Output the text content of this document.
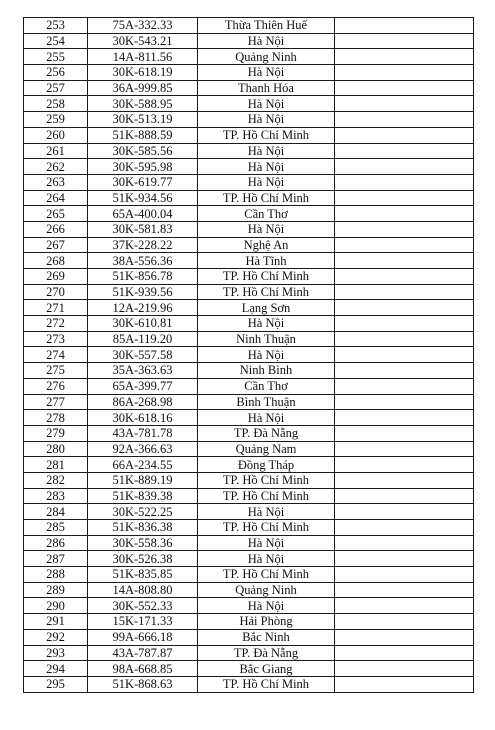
253	75A-332.33	Thừa Thiên Huế	
254	30K-543.21	Hà Nội	
255	14A-811.56	Quảng Ninh	
256	30K-618.19	Hà Nội	
257	36A-999.85	Thanh Hóa	
258	30K-588.95	Hà Nội	
259	30K-513.19	Hà Nội	
260	51K-888.59	TP. Hồ Chí Minh	
261	30K-585.56	Hà Nội	
262	30K-595.98	Hà Nội	
263	30K-619.77	Hà Nội	
264	51K-934.56	TP. Hồ Chí Minh	
265	65A-400.04	Cần Thơ	
266	30K-581.83	Hà Nội	
267	37K-228.22	Nghệ An	
268	38A-556.36	Hà Tĩnh	
269	51K-856.78	TP. Hồ Chí Minh	
270	51K-939.56	TP. Hồ Chí Minh	
271	12A-219.96	Lạng Sơn	
272	30K-610.81	Hà Nội	
273	85A-119.20	Ninh Thuận	
274	30K-557.58	Hà Nội	
275	35A-363.63	Ninh Bình	
276	65A-399.77	Cần Thơ	
277	86A-268.98	Bình Thuận	
278	30K-618.16	Hà Nội	
279	43A-781.78	TP. Đà Nẵng	
280	92A-366.63	Quảng Nam	
281	66A-234.55	Đồng Tháp	
282	51K-889.19	TP. Hồ Chí Minh	
283	51K-839.38	TP. Hồ Chí Minh	
284	30K-522.25	Hà Nội	
285	51K-836.38	TP. Hồ Chí Minh	
286	30K-558.36	Hà Nội	
287	30K-526.38	Hà Nội	
288	51K-835.85	TP. Hồ Chí Minh	
289	14A-808.80	Quảng Ninh	
290	30K-552.33	Hà Nội	
291	15K-171.33	Hải Phòng	
292	99A-666.18	Bắc Ninh	
293	43A-787.87	TP. Đà Nẵng	
294	98A-668.85	Bắc Giang	
295	51K-868.63	TP. Hồ Chí Minh	
